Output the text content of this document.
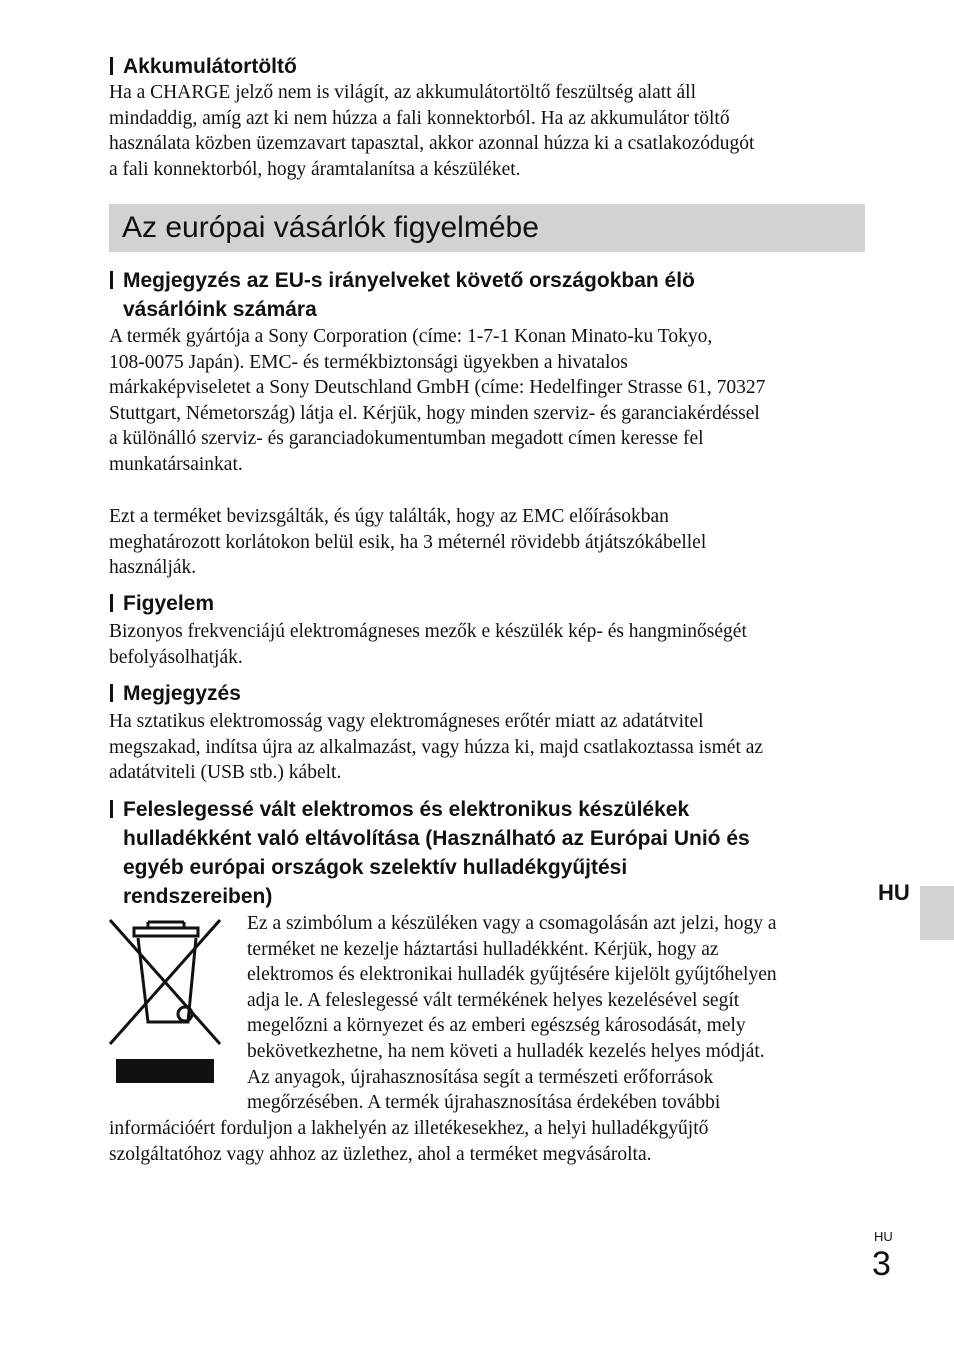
Akkumulátortöltő
Ha a CHARGE jelző nem is világít, az akkumulátortöltő feszültség alatt áll
mindaddig, amíg azt ki nem húzza a fali konnektorból. Ha az akkumulátor töltő
használata közben üzemzavart tapasztal, akkor azonnal húzza ki a csatlakozódugót
a fali konnektorból, hogy áramtalanítsa a készüléket.
Az európai vásárlók figyelmébe
Megjegyzés az EU-s irányelveket követő országokban élö
vásárlóink számára
A termék gyártója a Sony Corporation (címe: 1-7-1 Konan Minato-ku Tokyo,
108-0075 Japán). EMC- és termékbiztonsági ügyekben a hivatalos
márkaképviseletet a Sony Deutschland GmbH (címe: Hedelfinger Strasse 61, 70327
Stuttgart, Németország) látja el. Kérjük, hogy minden szerviz- és garanciakérdéssel
a különálló szerviz- és garanciadokumentumban megadott címen keresse fel
munkatársainkat.
Ezt a terméket bevizsgálták, és úgy találták, hogy az EMC előírásokban
meghatározott korlátokon belül esik, ha 3 méternél rövidebb átjátszókábellel
használják.
Figyelem
Bizonyos frekvenciájú elektromágneses mezők e készülék kép- és hangminőségét
befolyásolhatják.
Megjegyzés
Ha sztatikus elektromosság vagy elektromágneses erőtér miatt az adatátvitel
megszakad, indítsa újra az alkalmazást, vagy húzza ki, majd csatlakoztassa ismét az
adatátviteli (USB stb.) kábelt.
Feleslegessé vált elektromos és elektronikus készülékek
hulladékként való eltávolítása (Használható az Európai Unió és
egyéb európai országok szelektív hulladékgyűjtési
rendszereiben)
Ez a szimbólum a készüléken vagy a csomagolásán azt jelzi, hogy a
terméket ne kezelje háztartási hulladékként. Kérjük, hogy az
elektromos és elektronikai hulladék gyűjtésére kijelölt gyűjtőhelyen
adja le. A feleslegessé vált termékének helyes kezelésével segít
megelőzni a környezet és az emberi egészség károsodását, mely
bekövetkezhetne, ha nem követi a hulladék kezelés helyes módját.
Az anyagok, újrahasznosítása segít a természeti erőforrások
megőrzésében. A termék újrahasznosítása érdekében további
információért forduljon a lakhelyén az illetékesekhez, a helyi hulladékgyűjtő
szolgáltatóhoz vagy ahhoz az üzlethez, ahol a terméket megvásárolta.
HU
HU
3
